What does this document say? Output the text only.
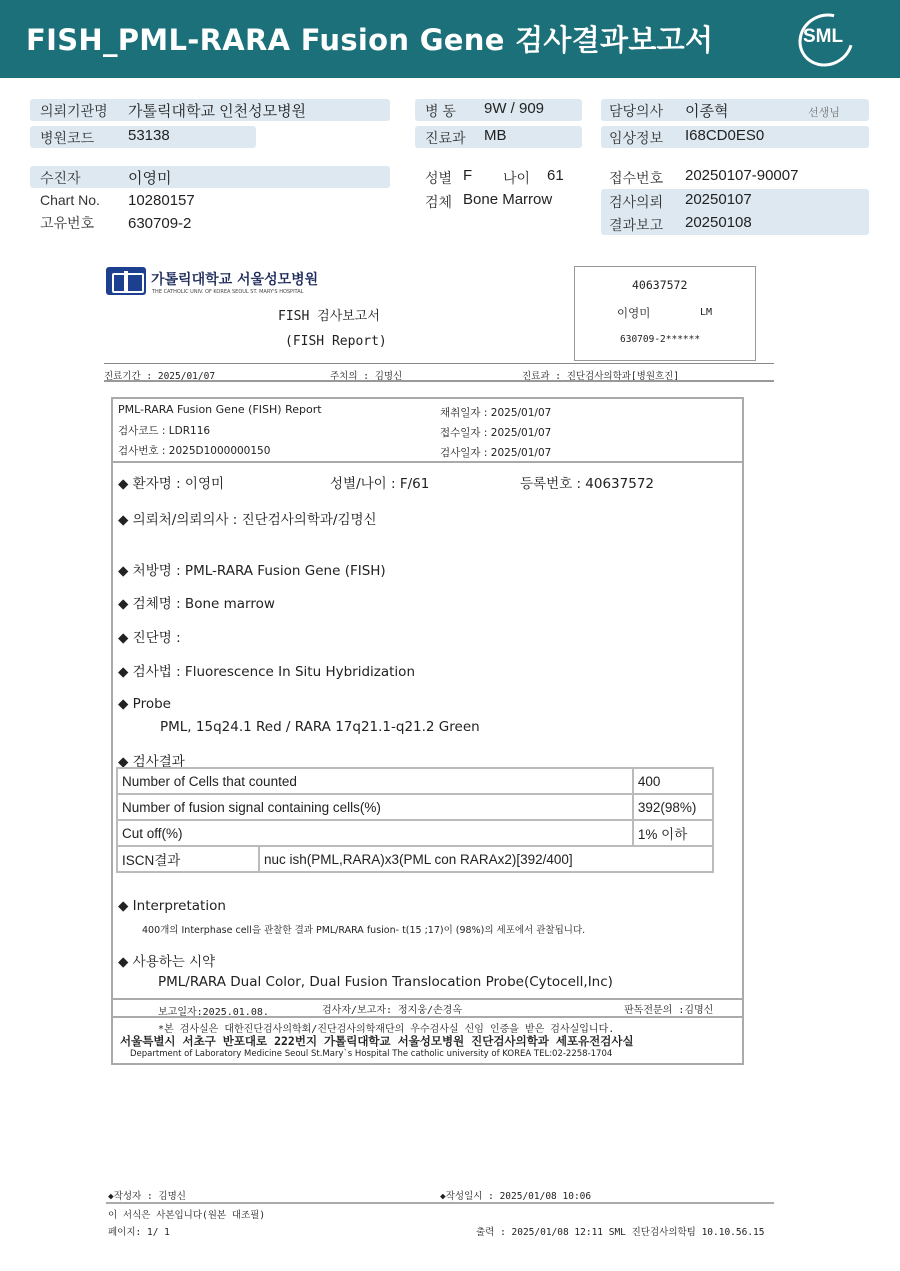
FISH_PML-RARA Fusion Gene 검사결과보고서	SML
의뢰기관명 가톨릭대학교 인천성모병원
병원코드 53138
병 동 9W / 909
진료과 MB
담당의사 이종혁	선생님
임상정보 I68CD0ES0
수진자	이영미
Chart No. 10280157
고유번호 630709-2
성별 F 나이 61
검체 Bone Marrow
접수번호 20250107-90007
검사의뢰 20250107
결과보고 20250108
가톨릭대학교 서울성모병원
THE CATHOLIC UNIV. OF KOREA SEOUL ST. MARY'S HOSPITAL
FISH 검사보고서
(FISH Report)
40637572
이영미	LM
630709-2******
진료기간 : 2025/01/07	주치의 : 김명신	진료과 : 진단검사의학과[병원흐진]
PML-RARA Fusion Gene (FISH) Report
검사코드 : LDR116
검사번호 : 2025D1000000150
채취일자 : 2025/01/07
접수일자 : 2025/01/07
검사일자 : 2025/01/07
◆ 환자명 : 이영미	성별/나이 : F/61	등록번호 : 40637572
◆ 의뢰처/의뢰의사 : 진단검사의학과/김명신
◆ 처방명 : PML-RARA Fusion Gene (FISH)
◆ 검체명 : Bone marrow
◆ 진단명 :
◆ 검사법 : Fluorescence In Situ Hybridization
◆ Probe
PML, 15q24.1 Red / RARA 17q21.1-q21.2 Green
◆ 검사결과
Number of Cells that counted		400
Number of fusion signal containing cells(%)		392(98%)
Cut off(%)		1% 이하
ISCN결과	nuc ish(PML,RARA)x3(PML con RARAx2)[392/400]	
◆ Interpretation
400개의 Interphase cell을 관찰한 결과 PML/RARA fusion- t(15 ;17)이 (98%)의 세포에서 관찰됩니다.
◆ 사용하는 시약
PML/RARA Dual Color, Dual Fusion Translocation Probe(Cytocell,Inc)
보고일자:2025.01.08.	검사자/보고자: 정지웅/손경옥	판독전문의 :김명신
*본 검사실은 대한진단검사의학회/진단검사의학재단의 우수검사실 신임 인증을 받은 검사실입니다.
서울특별시 서초구 반포대로 222번지 가톨릭대학교 서울성모병원 진단검사의학과 세포유전검사실
Department of Laboratory Medicine Seoul St.Mary`s Hospital The catholic university of KOREA TEL:02-2258-1704
◆작성자 : 김명신	◆작성일시 : 2025/01/08 10:06
이 서식은 사본입니다(원본 대조필)
페이지: 1/ 1	출력 : 2025/01/08 12:11 SML 진단검사의학팀 10.10.56.15
